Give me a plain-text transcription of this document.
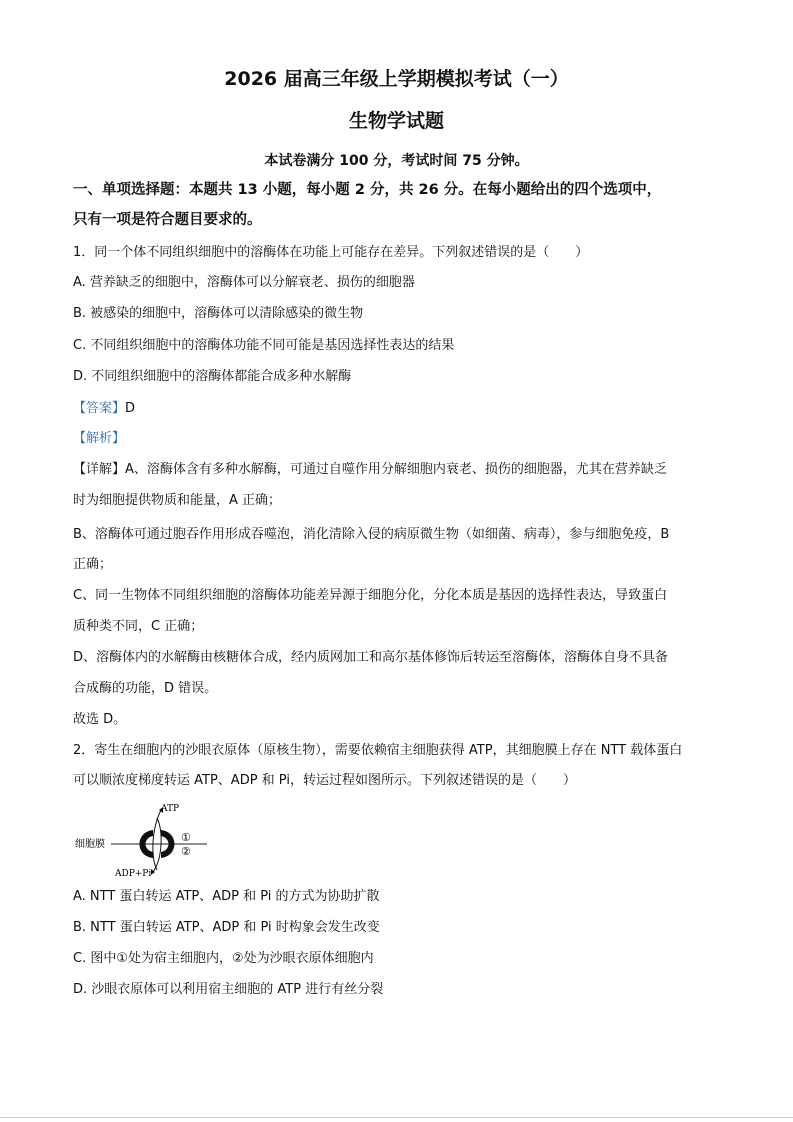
2026 届高三年级上学期模拟考试（一）
生物学试题
本试卷满分 100 分，考试时间 75 分钟。
一、单项选择题：本题共 13 小题，每小题 2 分，共 26 分。在每小题给出的四个选项中，
只有一项是符合题目要求的。
1．同一个体不同组织细胞中的溶酶体在功能上可能存在差异。下列叙述错误的是（　　）
A. 营养缺乏的细胞中，溶酶体可以分解衰老、损伤的细胞器
B. 被感染的细胞中，溶酶体可以清除感染的微生物
C. 不同组织细胞中的溶酶体功能不同可能是基因选择性表达的结果
D. 不同组织细胞中的溶酶体都能合成多种水解酶
【答案】D
【解析】
【详解】A、溶酶体含有多种水解酶，可通过自噬作用分解细胞内衰老、损伤的细胞器，尤其在营养缺乏
时为细胞提供物质和能量，A 正确；
B、溶酶体可通过胞吞作用形成吞噬泡，消化清除入侵的病原微生物（如细菌、病毒），参与细胞免疫，B
正确；
C、同一生物体不同组织细胞的溶酶体功能差异源于细胞分化，分化本质是基因的选择性表达，导致蛋白
质种类不同，C 正确；
D、溶酶体内的水解酶由核糖体合成，经内质网加工和高尔基体修饰后转运至溶酶体，溶酶体自身不具备
合成酶的功能，D 错误。
故选 D。
2．寄生在细胞内的沙眼衣原体（原核生物），需要依赖宿主细胞获得 ATP，其细胞膜上存在 NTT 载体蛋白
可以顺浓度梯度转运 ATP、ADP 和 Pi，转运过程如图所示。下列叙述错误的是（　　）
细胞膜
ATP
ADP+Pi
①
②
A. NTT 蛋白转运 ATP、ADP 和 Pi 的方式为协助扩散
B. NTT 蛋白转运 ATP、ADP 和 Pi 时构象会发生改变
C. 图中①处为宿主细胞内，②处为沙眼衣原体细胞内
D. 沙眼衣原体可以利用宿主细胞的 ATP 进行有丝分裂
